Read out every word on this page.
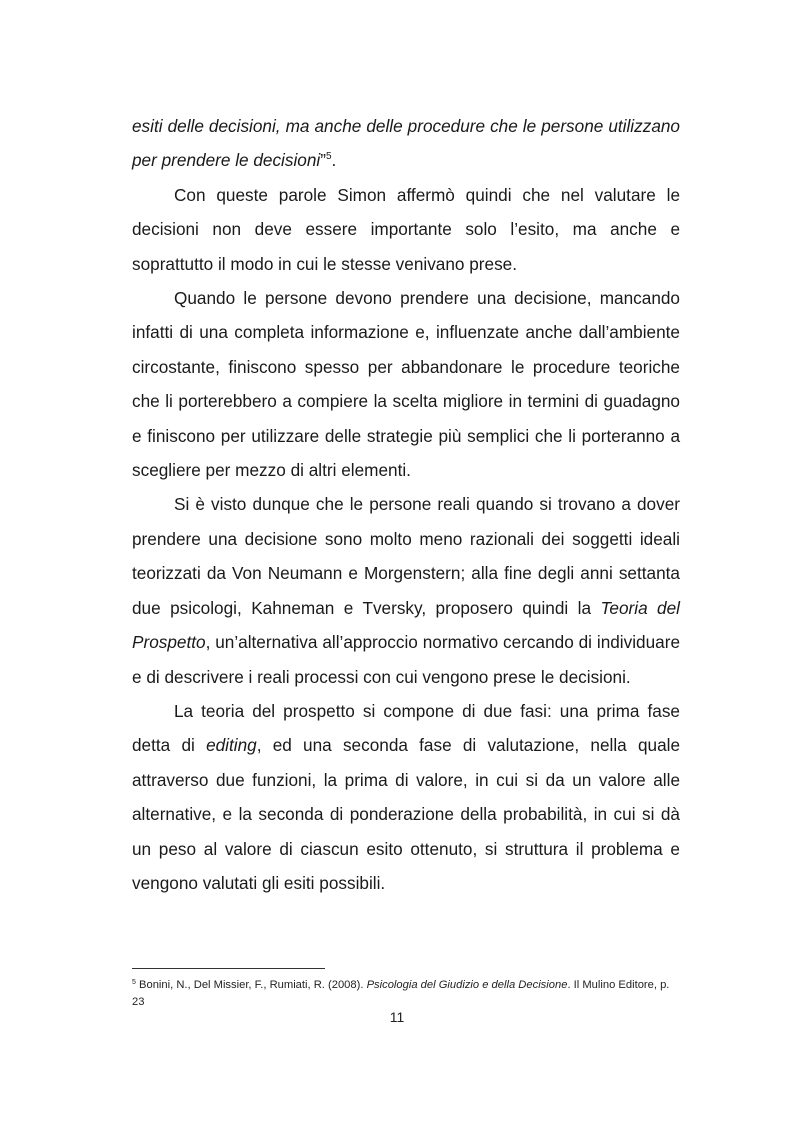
esiti delle decisioni, ma anche delle procedure che le persone utilizzano per prendere le decisioni”$^5$.

Con queste parole Simon affermò quindi che nel valutare le decisioni non deve essere importante solo l’esito, ma anche e soprattutto il modo in cui le stesse venivano prese.

Quando le persone devono prendere una decisione, mancando infatti di una completa informazione e, influenzate anche dall’ambiente circostante, finiscono spesso per abbandonare le procedure teoriche che li porterebbero a compiere la scelta migliore in termini di guadagno e finiscono per utilizzare delle strategie più semplici che li porteranno a scegliere per mezzo di altri elementi.

Si è visto dunque che le persone reali quando si trovano a dover prendere una decisione sono molto meno razionali dei soggetti ideali teorizzati da Von Neumann e Morgenstern; alla fine degli anni settanta due psicologi, Kahneman e Tversky, proposero quindi la Teoria del Prospetto, un’alternativa all’approccio normativo cercando di individuare e di descrivere i reali processi con cui vengono prese le decisioni.

La teoria del prospetto si compone di due fasi: una prima fase detta di editing, ed una seconda fase di valutazione, nella quale attraverso due funzioni, la prima di valore, in cui si da un valore alle alternative, e la seconda di ponderazione della probabilità, in cui si dà un peso al valore di ciascun esito ottenuto, si struttura il problema e vengono valutati gli esiti possibili.

$^5$ Bonini, N., Del Missier, F., Rumiati, R. (2008). Psicologia del Giudizio e della Decisione. Il Mulino Editore, p. 23
11
